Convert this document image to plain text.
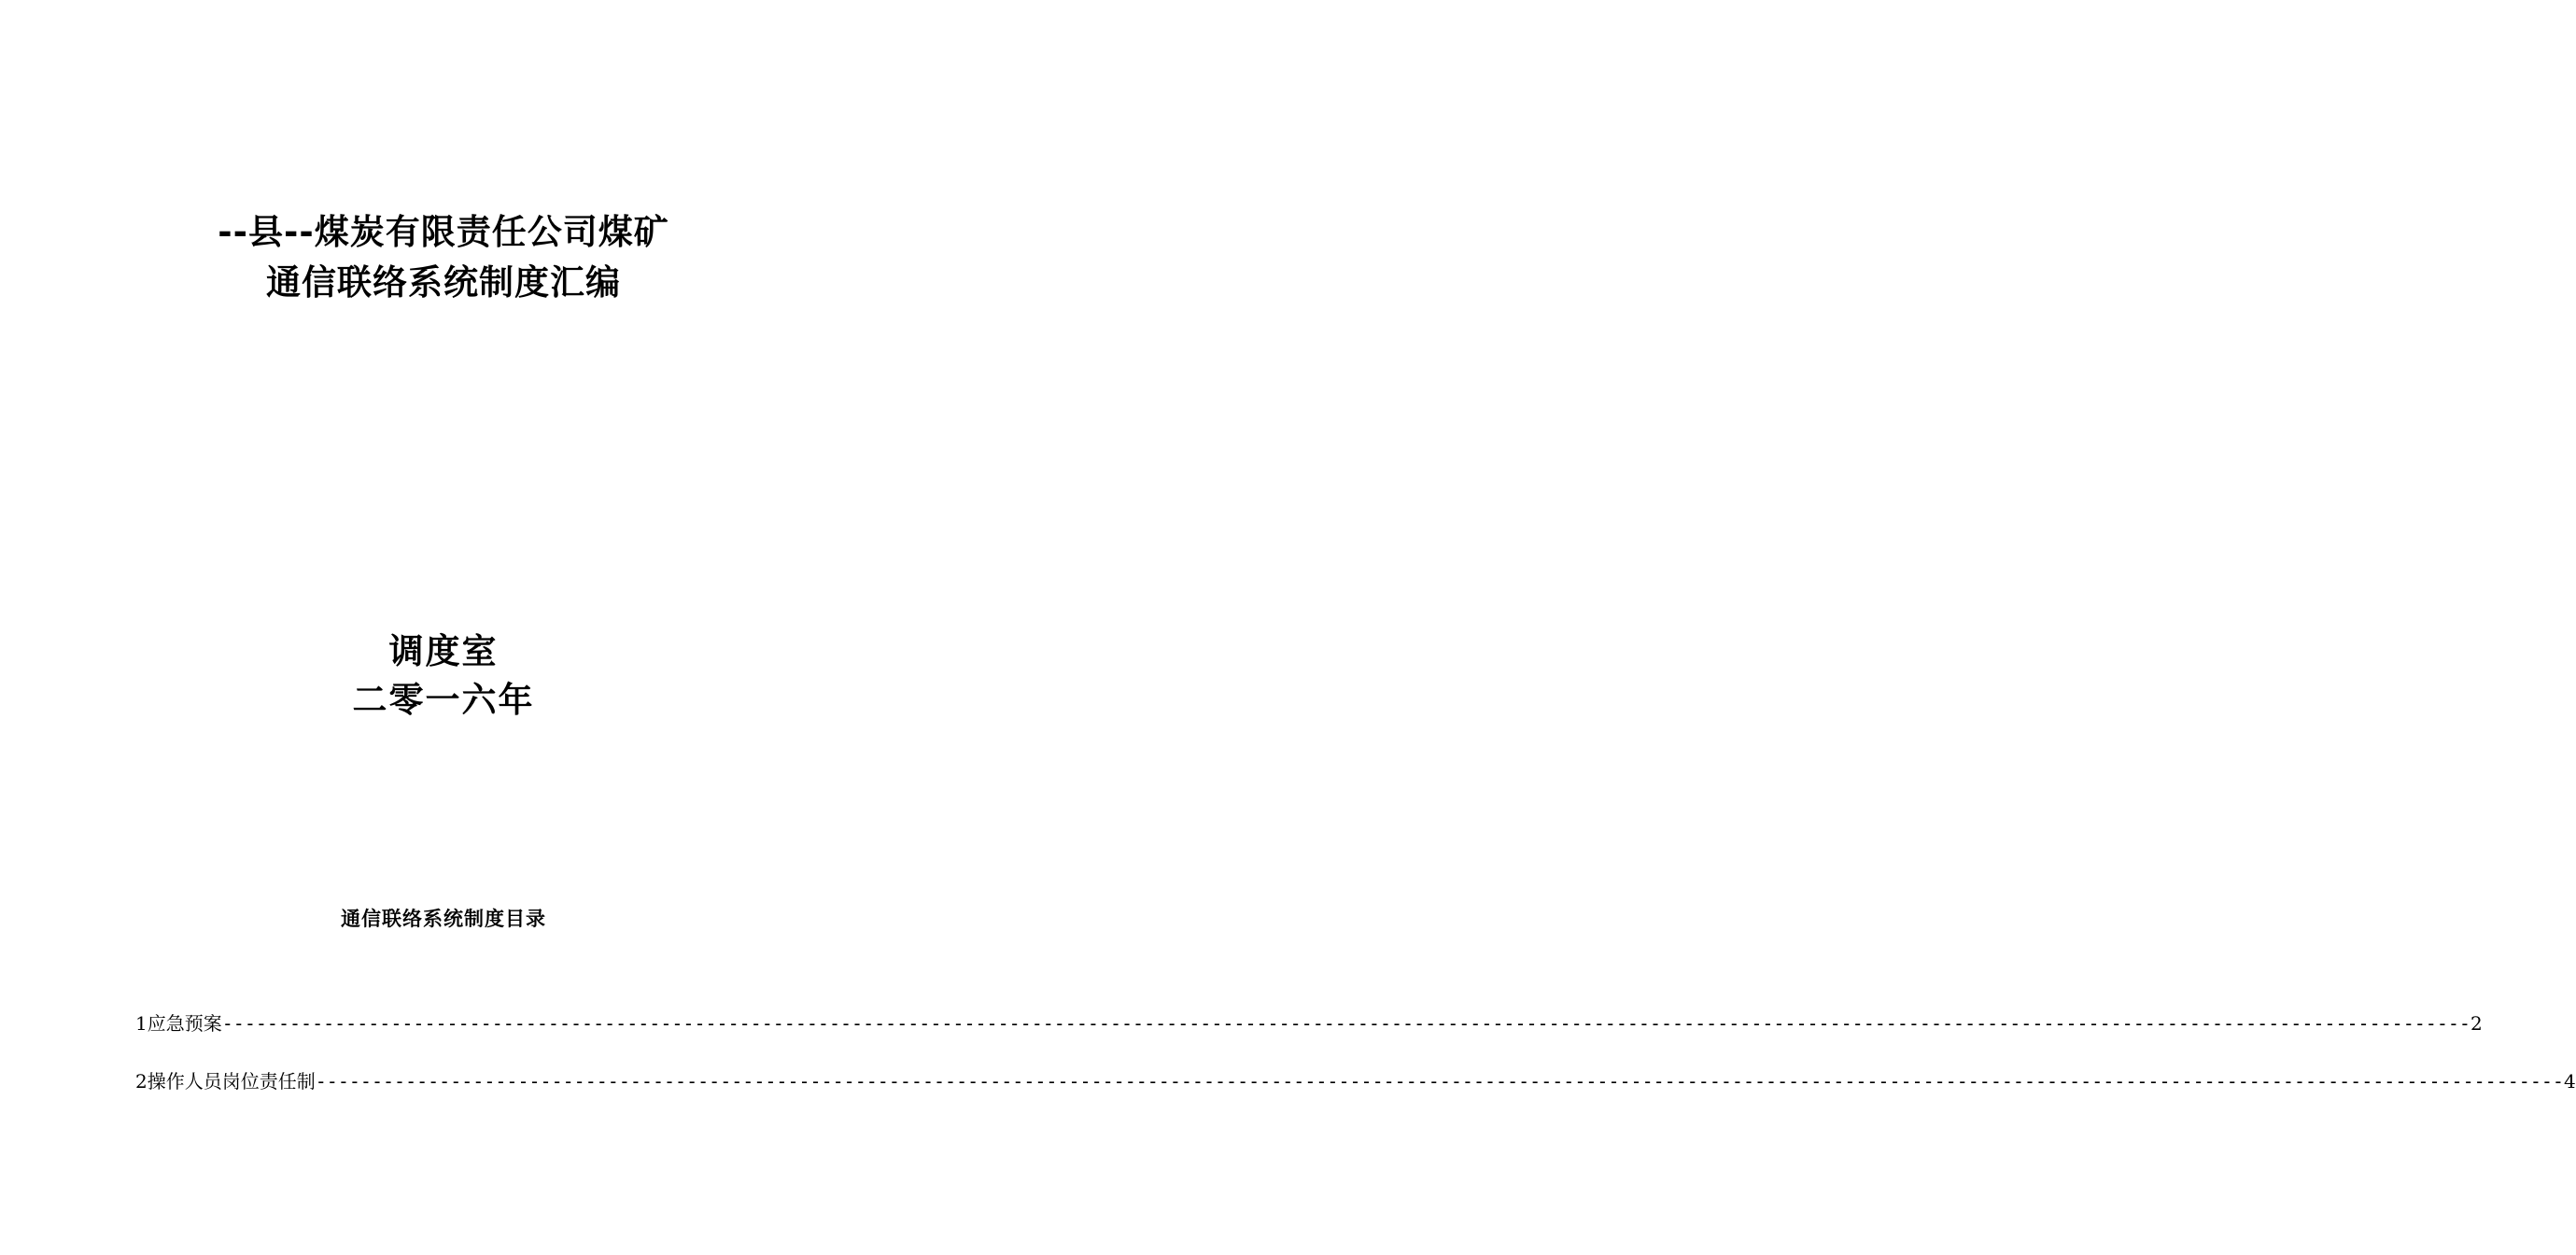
--县--煤炭有限责任公司煤矿
通信联络系统制度汇编
调度室
二零一六年
通信联络系统制度目录
1应急预案 -------------------------------------------------------------------------------------------------------------------------------------------------------------------------------------------------------- 2
2操作人员岗位责任制 -------------------------------------------------------------------------------------------------------------------------------------------------------------------------------------------------------- 4
